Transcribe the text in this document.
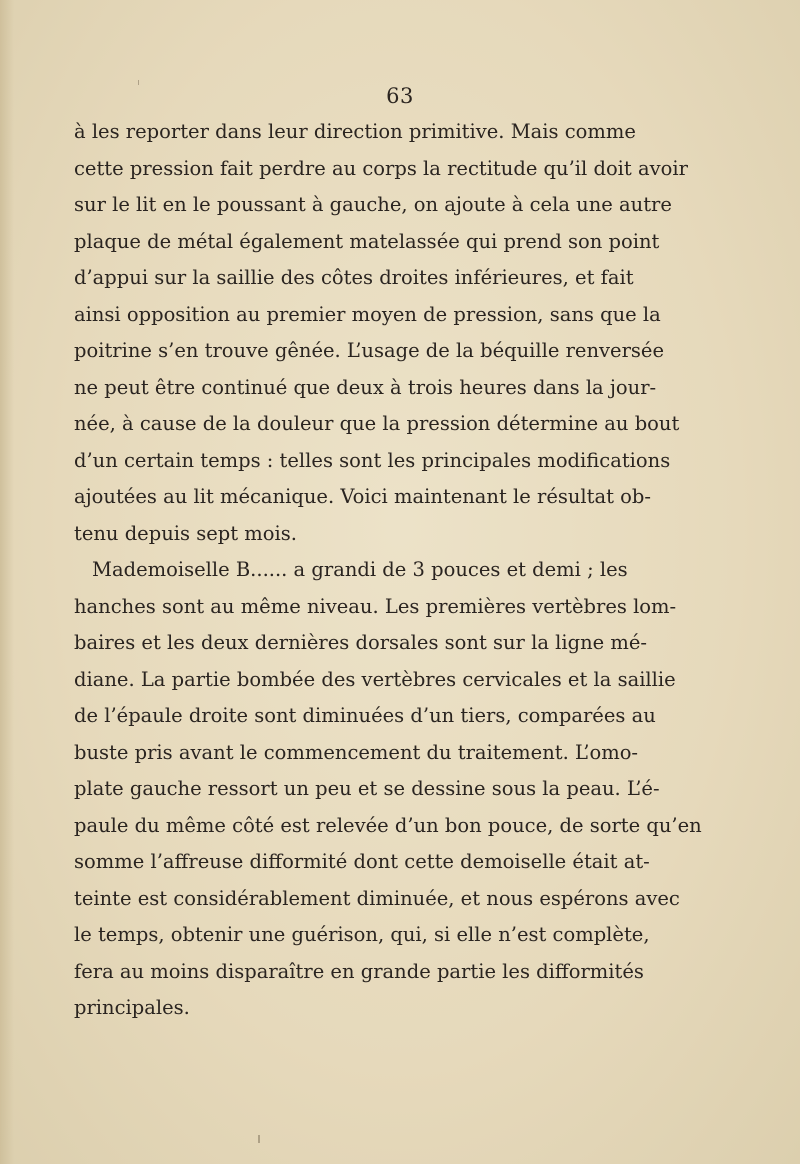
63

à les reporter dans leur direction primitive. Mais comme
cette pression fait perdre au corps la rectitude qu’il doit avoir
sur le lit en le poussant à gauche, on ajoute à cela une autre
plaque de métal également matelassée qui prend son point
d’appui sur la saillie des côtes droites inférieures, et fait
ainsi opposition au premier moyen de pression, sans que la
poitrine s’en trouve gênée. L’usage de la béquille renversée
ne peut être continué que deux à trois heures dans la jour-
née, à cause de la douleur que la pression détermine au bout
d’un certain temps : telles sont les principales modifications
ajoutées au lit mécanique. Voici maintenant le résultat ob-
tenu depuis sept mois.

Mademoiselle B...... a grandi de 3 pouces et demi ; les
hanches sont au même niveau. Les premières vertèbres lom-
baires et les deux dernières dorsales sont sur la ligne mé-
diane. La partie bombée des vertèbres cervicales et la saillie
de l’épaule droite sont diminuées d’un tiers, comparées au
buste pris avant le commencement du traitement. L’omo-
plate gauche ressort un peu et se dessine sous la peau. L’é-
paule du même côté est relevée d’un bon pouce, de sorte qu’en
somme l’affreuse difformité dont cette demoiselle était at-
teinte est considérablement diminuée, et nous espérons avec
le temps, obtenir une guérison, qui, si elle n’est complète,
fera au moins disparaître en grande partie les difformités
principales.
